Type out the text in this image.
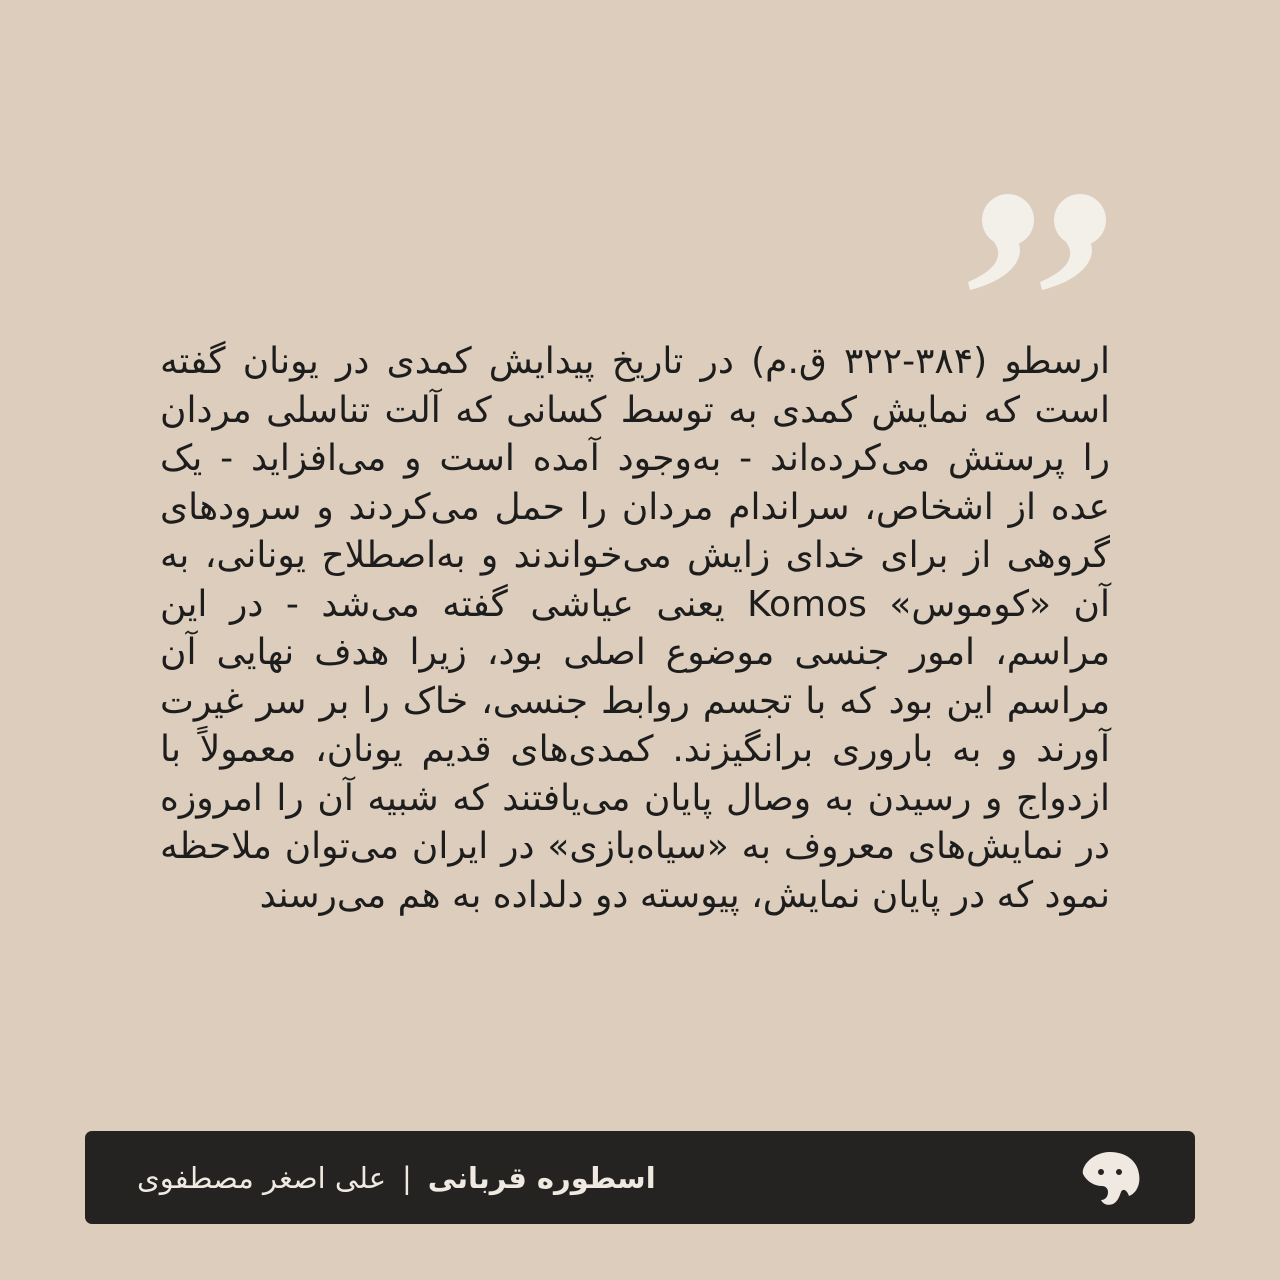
ارسطو (۳۸۴-۳۲۲ ق.م) در تاریخ پیدایش کمدی در یونان گفته است که نمایش کمدی به توسط کسانی که آلت تناسلی مردان را پرستش می‌کرده‌اند - به‌وجود آمده است و می‌افزاید - یک عده از اشخاص، سراندام مردان را حمل می‌کردند و سرودهای گروهی از برای خدای زایش می‌خواندند و به‌اصطلاح یونانی، به آن «کوموس» Komos یعنی عیاشی گفته می‌شد - در این مراسم، امور جنسی موضوع اصلی بود، زیرا هدف نهایی آن مراسم این بود که با تجسم روابط جنسی، خاک را بر سر غیرت آورند و به باروری برانگیزند. کمدی‌های قدیم یونان، معمولاً با ازدواج و رسیدن به وصال پایان می‌یافتند که شبیه آن را امروزه در نمایش‌های معروف به «سیاه‌بازی» در ایران می‌توان ملاحظه نمود که در پایان نمایش، پیوسته دو دلداده به هم می‌رسند

اسطوره قربانی
|
علی اصغر مصطفوی
